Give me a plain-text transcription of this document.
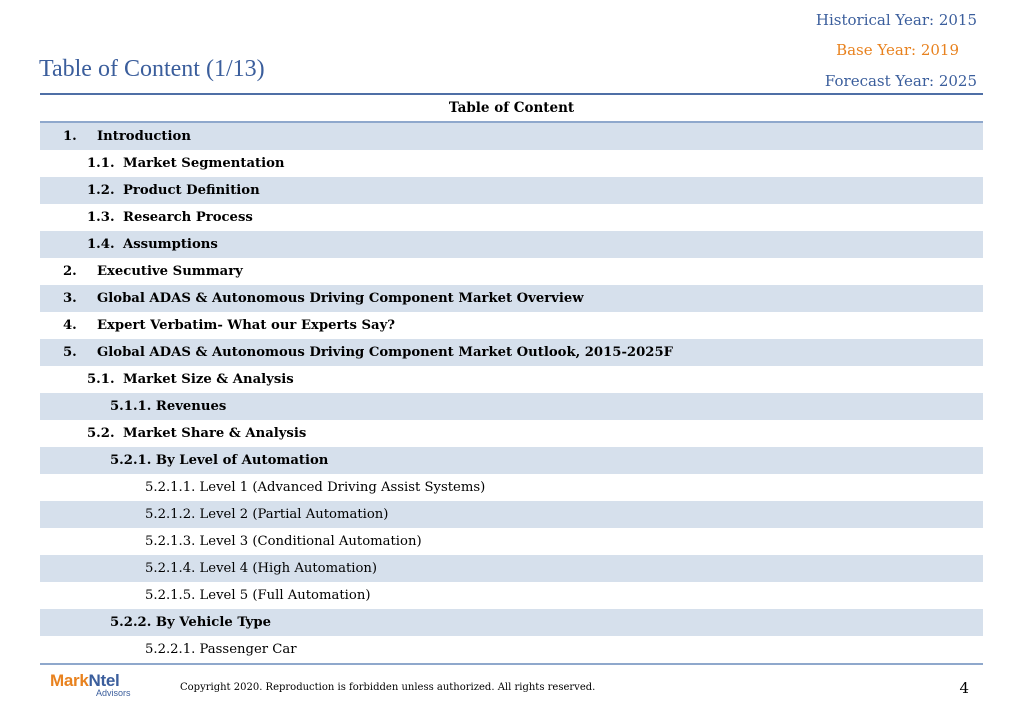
Historical Year: 2015
Base Year: 2019
Forecast Year: 2025
Table of Content (1/13)
Table of Content
1. Introduction
1.1. Market Segmentation
1.2. Product Definition
1.3. Research Process
1.4. Assumptions
2. Executive Summary
3. Global ADAS & Autonomous Driving Component Market Overview
4. Expert Verbatim- What our Experts Say?
5. Global ADAS & Autonomous Driving Component Market Outlook, 2015-2025F
5.1. Market Size & Analysis
5.1.1. Revenues
5.2. Market Share & Analysis
5.2.1. By Level of Automation
5.2.1.1. Level 1 (Advanced Driving Assist Systems)
5.2.1.2. Level 2 (Partial Automation)
5.2.1.3. Level 3 (Conditional Automation)
5.2.1.4. Level 4 (High Automation)
5.2.1.5. Level 5 (Full Automation)
5.2.2. By Vehicle Type
5.2.2.1. Passenger Car
MarkNtel
Advisors	Copyright 2020. Reproduction is forbidden unless authorized. All rights reserved.	4
